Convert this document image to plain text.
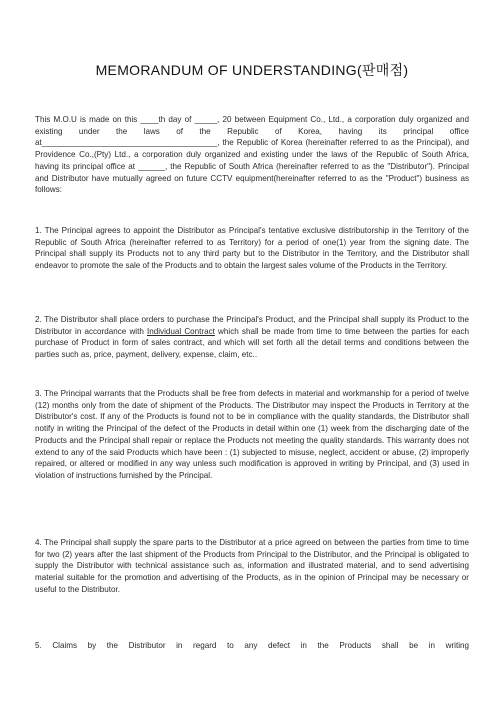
MEMORANDUM OF UNDERSTANDING(판매점)
This M.O.U is made on this ____th day of _____, 20 between Equipment Co., Ltd., a corporation duly organized and existing under the laws of the Republic of Korea, having its principal office at_______________________________________, the Republic of Korea (hereinafter referred to as the Principal), and Providence Co.,(Pty) Ltd., a corporation duly organized and existing under the laws of the Republic of South Africa, having its principal office at ______, the Republic of South Africa (hereinafter referred to as the "Distributor"). Principal and Distributor have mutually agreed on future CCTV equipment(hereinafter referred to as the "Product") business as follows:
1. The Principal agrees to appoint the Distributor as Principal's tentative exclusive distributorship in the Territory of the Republic of South Africa (hereinafter referred to as Territory) for a period of one(1) year from the signing date. The Principal shall supply its Products not to any third party but to the Distributor in the Territory, and the Distributor shall endeavor to promote the sale of the Products and to obtain the largest sales volume of the Products in the Territory.
2. The Distributor shall place orders to purchase the Principal's Product, and the Principal shall supply its Product to the Distributor in accordance with Individual Contract which shall be made from time to time between the parties for each purchase of Product in form of sales contract, and which will set forth all the detail terms and conditions between the parties such as, price, payment, delivery, expense, claim, etc..
3. The Principal warrants that the Products shall be free from defects in material and workmanship for a period of twelve (12) months only from the date of shipment of the Products. The Distributor may inspect the Products in Territory at the Distributor's cost. If any of the Products is found not to be in compliance with the quality standards, the Distributor shall notify in writing the Principal of the defect of the Products in detail within one (1) week from the discharging date of the Products and the Principal shall repair or replace the Products not meeting the quality standards. This warranty does not extend to any of the said Products which have been : (1) subjected to misuse, neglect, accident or abuse, (2) improperly repaired, or altered or modified in any way unless such modification is approved in writing by Principal, and (3) used in violation of instructions furnished by the Principal.
4. The Principal shall supply the spare parts to the Distributor at a price agreed on between the parties from time to time for two (2) years after the last shipment of the Products from Principal to the Distributor, and the Principal is obligated to supply the Distributor with technical assistance such as, information and illustrated material, and to send advertising material suitable for the promotion and advertising of the Products, as in the opinion of Principal may be necessary or useful to the Distributor.
5. Claims by the Distributor in regard to any defect in the Products shall be in writing
